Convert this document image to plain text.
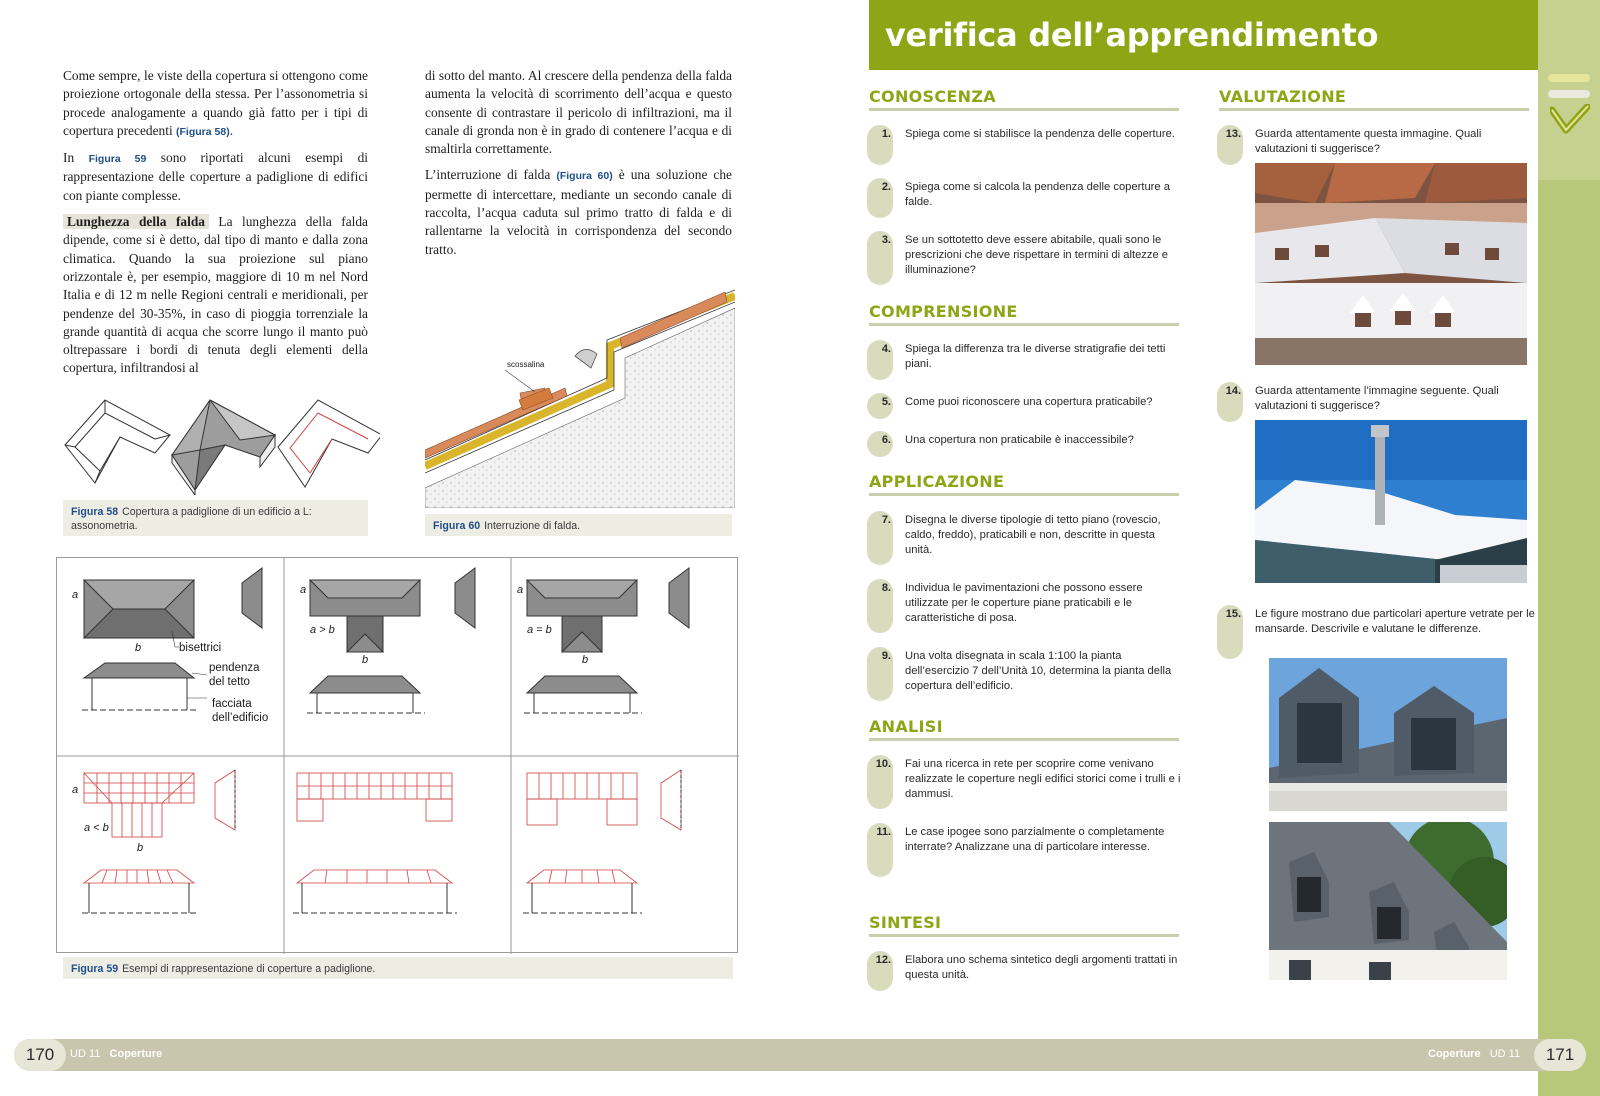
Come sempre, le viste della copertura si ottengono come proiezione ortogonale della stessa. Per l’assonometria si procede analogamente a quando già fatto per i tipi di copertura precedenti (Figura 58).

In Figura 59 sono riportati alcuni esempi di rappresentazione delle coperture a padiglione di edifici con piante complesse.

Lunghezza della falda La lunghezza della falda dipende, come si è detto, dal tipo di manto e dalla zona climatica. Quando la sua proiezione sul piano orizzontale è, per esempio, maggiore di 10 m nel Nord Italia e di 12 m nelle Regioni centrali e meridionali, per pendenze del 30-35%, in caso di pioggia torrenziale la grande quantità di acqua che scorre lungo il manto può oltrepassare i bordi di tenuta degli elementi della copertura, infiltrandosi al

di sotto del manto. Al crescere della pendenza della falda aumenta la velocità di scorrimento dell’acqua e questo consente di contrastare il pericolo di infiltrazioni, ma il canale di gronda non è in grado di contenere l’acqua e di smaltirla correttamente.

L’interruzione di falda (Figura 60) è una soluzione che permette di intercettare, mediante un secondo canale di raccolta, l’acqua caduta sul primo tratto di falda e di rallentarne la velocità in corrispondenza del secondo tratto.

Figura 58 Copertura a padiglione di un edificio a L: assonometria.
scossalina
Figura 60 Interruzione di falda.
a
b	bisettrici
pendenza
del tetto
facciata
dell’edificio
a
a > b
b
a
a = b
b
a
a < b
b
Figura 59 Esempi di rappresentazione di coperture a padiglione.
verifica dell’apprendimento
CONOSCENZA
COMPRENSIONE
APPLICAZIONE
ANALISI
SINTESI
VALUTAZIONE
1. Spiega come si stabilisce la pendenza delle coperture.
2. Spiega come si calcola la pendenza delle coperture a falde.
3. Se un sottotetto deve essere abitabile, quali sono le prescrizioni che deve rispettare in termini di altezze e illuminazione?
4. Spiega la differenza tra le diverse stratigrafie dei tetti piani.
5. Come puoi riconoscere una copertura praticabile?
6. Una copertura non praticabile è inaccessibile?
7. Disegna le diverse tipologie di tetto piano (rovescio, caldo, freddo), praticabili e non, descritte in questa unità.
8. Individua le pavimentazioni che possono essere utilizzate per le coperture piane praticabili e le caratteristiche di posa.
9. Una volta disegnata in scala 1:100 la pianta dell’esercizio 7 dell’Unità 10, determina la pianta della copertura dell’edificio.
10. Fai una ricerca in rete per scoprire come venivano realizzate le coperture negli edifici storici come i trulli e i dammusi.
11. Le case ipogee sono parzialmente o completamente interrate? Analizzane una di particolare interesse.
12. Elabora uno schema sintetico degli argomenti trattati in questa unità.
13. Guarda attentamente questa immagine. Quali valutazioni ti suggerisce?
14. Guarda attentamente l’immagine seguente. Quali valutazioni ti suggerisce?
15. Le figure mostrano due particolari aperture vetrate per le mansarde. Descrivile e valutane le differenze.
170	UD 11 Coperture	Coperture UD 11	171
